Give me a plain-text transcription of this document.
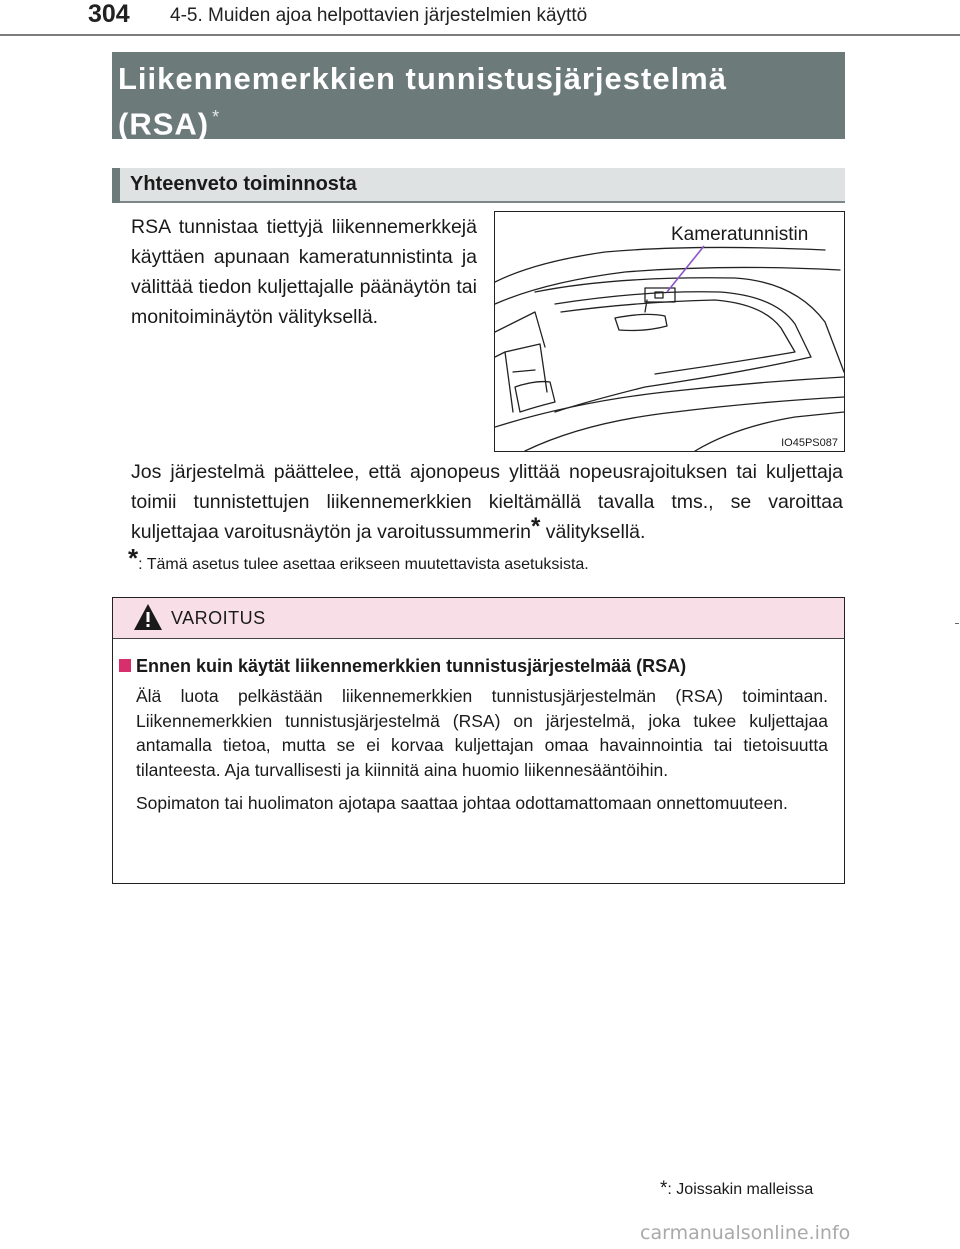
304 4-5. Muiden ajoa helpottavien järjestelmien käyttö
Liikennemerkkien tunnistusjärjestelmä
(RSA) *
Yhteenveto toiminnosta
RSA tunnistaa tiettyjä liikennemerkkejä käyttäen apunaan kameratunnistinta ja välittää tiedon kuljettajalle päänäytön tai monitoiminäytön välityksellä.
Kameratunnistin
IO45PS087
Jos järjestelmä päättelee, että ajonopeus ylittää nopeusrajoituksen tai kuljettaja toimii tunnistettujen liikennemerkkien kieltämällä tavalla tms., se varoittaa kuljettajaa varoitusnäytön ja varoitussummerin* välityksellä.
*: Tämä asetus tulee asettaa erikseen muutettavista asetuksista.
VAROITUS
Ennen kuin käytät liikennemerkkien tunnistusjärjestelmää (RSA)

Älä luota pelkästään liikennemerkkien tunnistusjärjestelmän (RSA) toimintaan. Liikennemerkkien tunnistusjärjestelmä (RSA) on järjestelmä, joka tukee kuljettajaa antamalla tietoa, mutta se ei korvaa kuljettajan omaa havainnointia tai tietoisuutta tilanteesta. Aja turvallisesti ja kiinnitä aina huomio liikennesääntöihin.

Sopimaton tai huolimaton ajotapa saattaa johtaa odottamattomaan onnettomuuteen.

*: Joissakin malleissa
carmanualsonline.info
